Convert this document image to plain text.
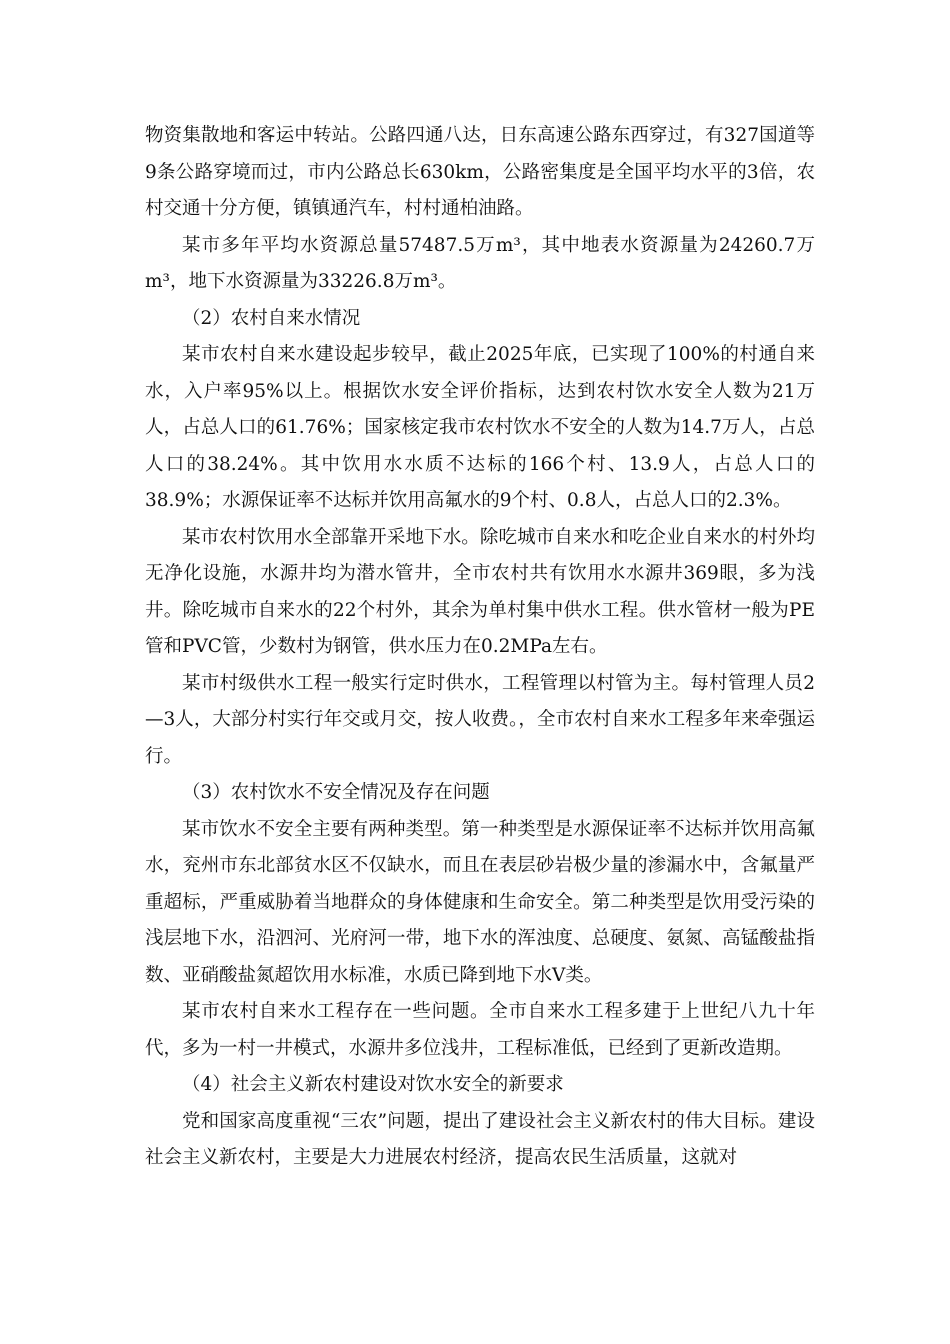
物资集散地和客运中转站。公路四通八达，日东高速公路东西穿过，有327国道等9条公路穿境而过，市内公路总长630km，公路密集度是全国平均水平的3倍，农村交通十分方便，镇镇通汽车，村村通柏油路。

某市多年平均水资源总量57487.5万m³，其中地表水资源量为24260.7万m³，地下水资源量为33226.8万m³。

（2）农村自来水情况

某市农村自来水建设起步较早，截止2025年底，已实现了100%的村通自来水，入户率95%以上。根据饮水安全评价指标，达到农村饮水安全人数为21万人，占总人口的61.76%；国家核定我市农村饮水不安全的人数为14.7万人，占总人口的38.24%。其中饮用水水质不达标的166个村、13.9人，占总人口的38.9%；水源保证率不达标并饮用高氟水的9个村、0.8人，占总人口的2.3%。

某市农村饮用水全部靠开采地下水。除吃城市自来水和吃企业自来水的村外均无净化设施，水源井均为潜水管井，全市农村共有饮用水水源井369眼，多为浅井。除吃城市自来水的22个村外，其余为单村集中供水工程。供水管材一般为PE管和PVC管，少数村为钢管，供水压力在0.2MPa左右。

某市村级供水工程一般实行定时供水，工程管理以村管为主。每村管理人员2—3人，大部分村实行年交或月交，按人收费。，全市农村自来水工程多年来牵强运行。

（3）农村饮水不安全情况及存在问题

某市饮水不安全主要有两种类型。第一种类型是水源保证率不达标并饮用高氟水，兖州市东北部贫水区不仅缺水，而且在表层砂岩极少量的渗漏水中，含氟量严重超标，严重威胁着当地群众的身体健康和生命安全。第二种类型是饮用受污染的浅层地下水，沿泗河、光府河一带，地下水的浑浊度、总硬度、氨氮、高锰酸盐指数、亚硝酸盐氮超饮用水标准，水质已降到地下水Ⅴ类。

某市农村自来水工程存在一些问题。全市自来水工程多建于上世纪八九十年代，多为一村一井模式，水源井多位浅井，工程标准低，已经到了更新改造期。

（4）社会主义新农村建设对饮水安全的新要求

党和国家高度重视“三农”问题，提出了建设社会主义新农村的伟大目标。建设社会主义新农村，主要是大力进展农村经济，提高农民生活质量，这就对
